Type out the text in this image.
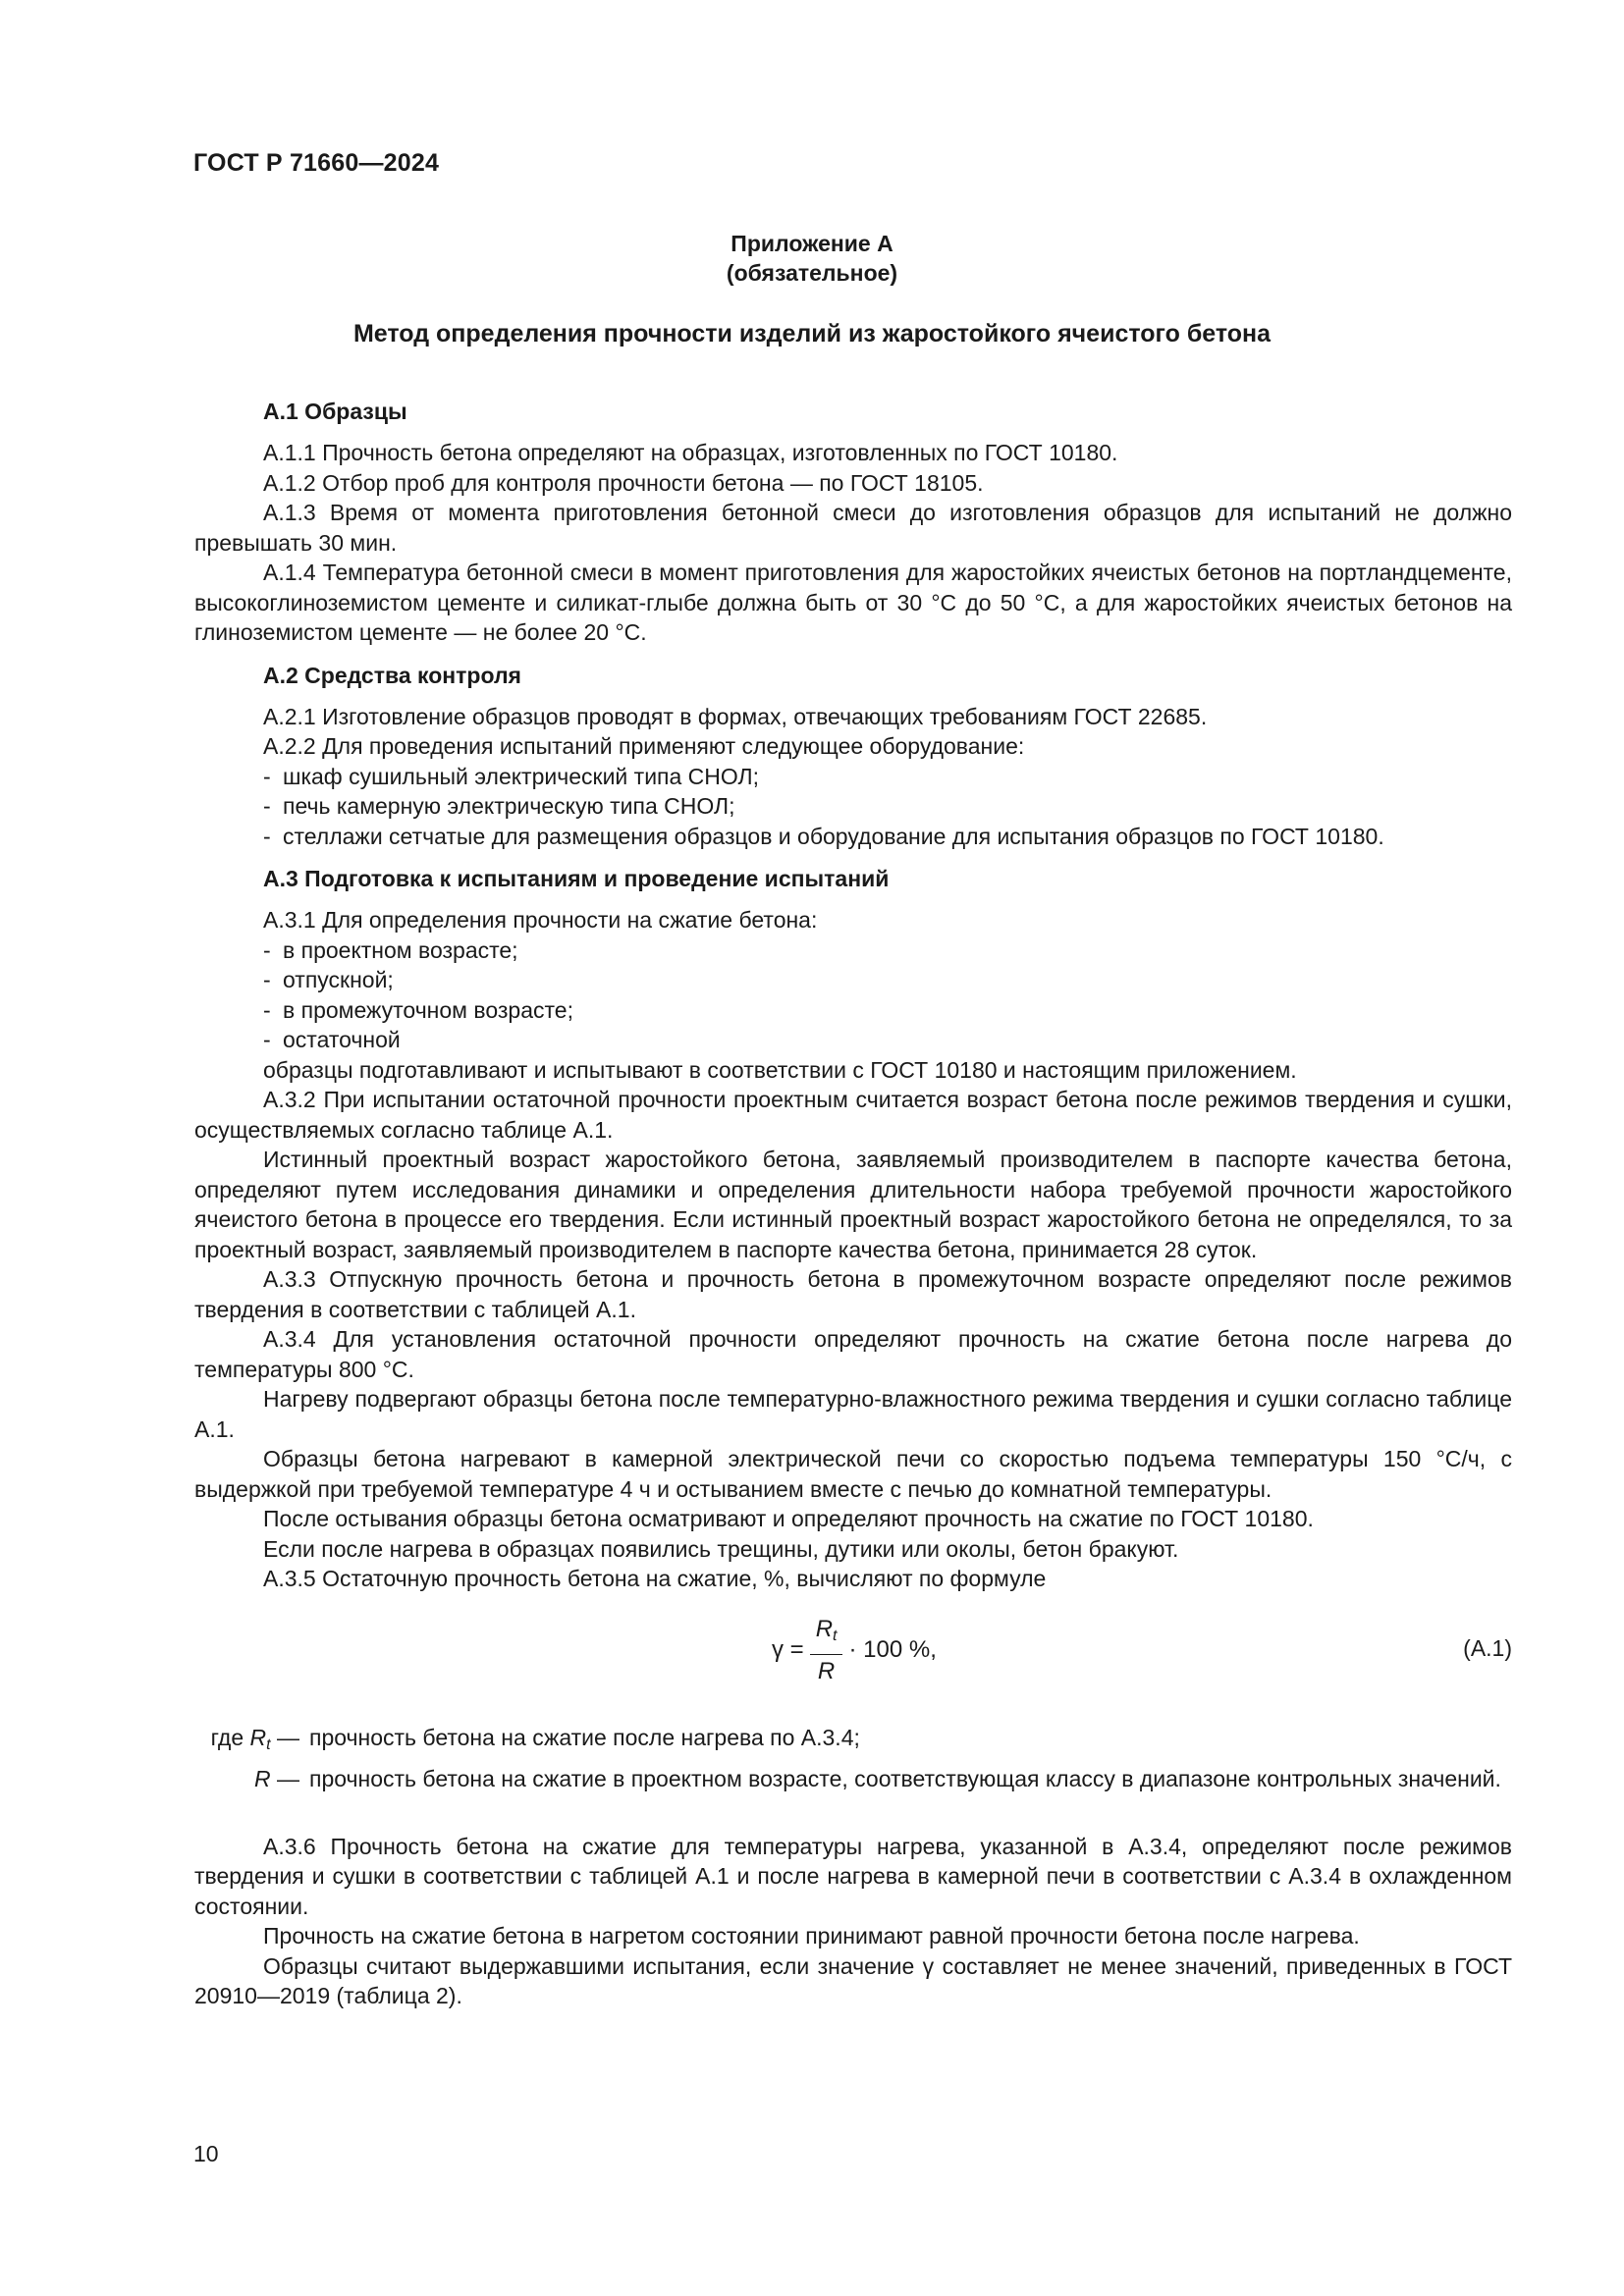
ГОСТ Р 71660—2024
Приложение А
(обязательное)
Метод определения прочности изделий из жаростойкого ячеистого бетона
А.1 Образцы

А.1.1 Прочность бетона определяют на образцах, изготовленных по ГОСТ 10180.

А.1.2 Отбор проб для контроля прочности бетона — по ГОСТ 18105.

А.1.3 Время от момента приготовления бетонной смеси до изготовления образцов для испытаний не должно превышать 30 мин.

А.1.4 Температура бетонной смеси в момент приготовления для жаростойких ячеистых бетонов на портландцементе, высокоглиноземистом цементе и силикат-глыбе должна быть от 30 °С до 50 °С, а для жаростойких ячеистых бетонов на глиноземистом цементе — не более 20 °С.

А.2 Средства контроля

А.2.1 Изготовление образцов проводят в формах, отвечающих требованиям ГОСТ 22685.

А.2.2 Для проведения испытаний применяют следующее оборудование:

- шкаф сушильный электрический типа СНОЛ;
- печь камерную электрическую типа СНОЛ;
- стеллажи сетчатые для размещения образцов и оборудование для испытания образцов по ГОСТ 10180.
А.3 Подготовка к испытаниям и проведение испытаний

А.3.1 Для определения прочности на сжатие бетона:

- в проектном возрасте;
- отпускной;
- в промежуточном возрасте;
- остаточной

образцы подготавливают и испытывают в соответствии с ГОСТ 10180 и настоящим приложением.

А.3.2 При испытании остаточной прочности проектным считается возраст бетона после режимов твердения и сушки, осуществляемых согласно таблице А.1.

Истинный проектный возраст жаростойкого бетона, заявляемый производителем в паспорте качества бетона, определяют путем исследования динамики и определения длительности набора требуемой прочности жаростойкого ячеистого бетона в процессе его твердения. Если истинный проектный возраст жаростойкого бетона не определялся, то за проектный возраст, заявляемый производителем в паспорте качества бетона, принимается 28 суток.

А.3.3 Отпускную прочность бетона и прочность бетона в промежуточном возрасте определяют после режимов твердения в соответствии с таблицей А.1.

А.3.4 Для установления остаточной прочности определяют прочность на сжатие бетона после нагрева до температуры 800 °С.

Нагреву подвергают образцы бетона после температурно-влажностного режима твердения и сушки согласно таблице А.1.

Образцы бетона нагревают в камерной электрической печи со скоростью подъема температуры 150 °С/ч, с выдержкой при требуемой температуре 4 ч и остыванием вместе с печью до комнатной температуры.

После остывания образцы бетона осматривают и определяют прочность на сжатие по ГОСТ 10180.

Если после нагрева в образцах появились трещины, дутики или околы, бетон бракуют.

А.3.5 Остаточную прочность бетона на сжатие, %, вычисляют по формуле

$\gamma = \frac{R_t}{R} \cdot 100$ %,	(А.1)
где $R_t$ — прочность бетона на сжатие после нагрева по А.3.4;
R — прочность бетона на сжатие в проектном возрасте, соответствующая классу в диапазоне контрольных значений.

А.3.6 Прочность бетона на сжатие для температуры нагрева, указанной в А.3.4, определяют после режимов твердения и сушки в соответствии с таблицей А.1 и после нагрева в камерной печи в соответствии с А.3.4 в охлажденном состоянии.

Прочность на сжатие бетона в нагретом состоянии принимают равной прочности бетона после нагрева.

Образцы считают выдержавшими испытания, если значение γ составляет не менее значений, приведенных в ГОСТ 20910—2019 (таблица 2).

10
